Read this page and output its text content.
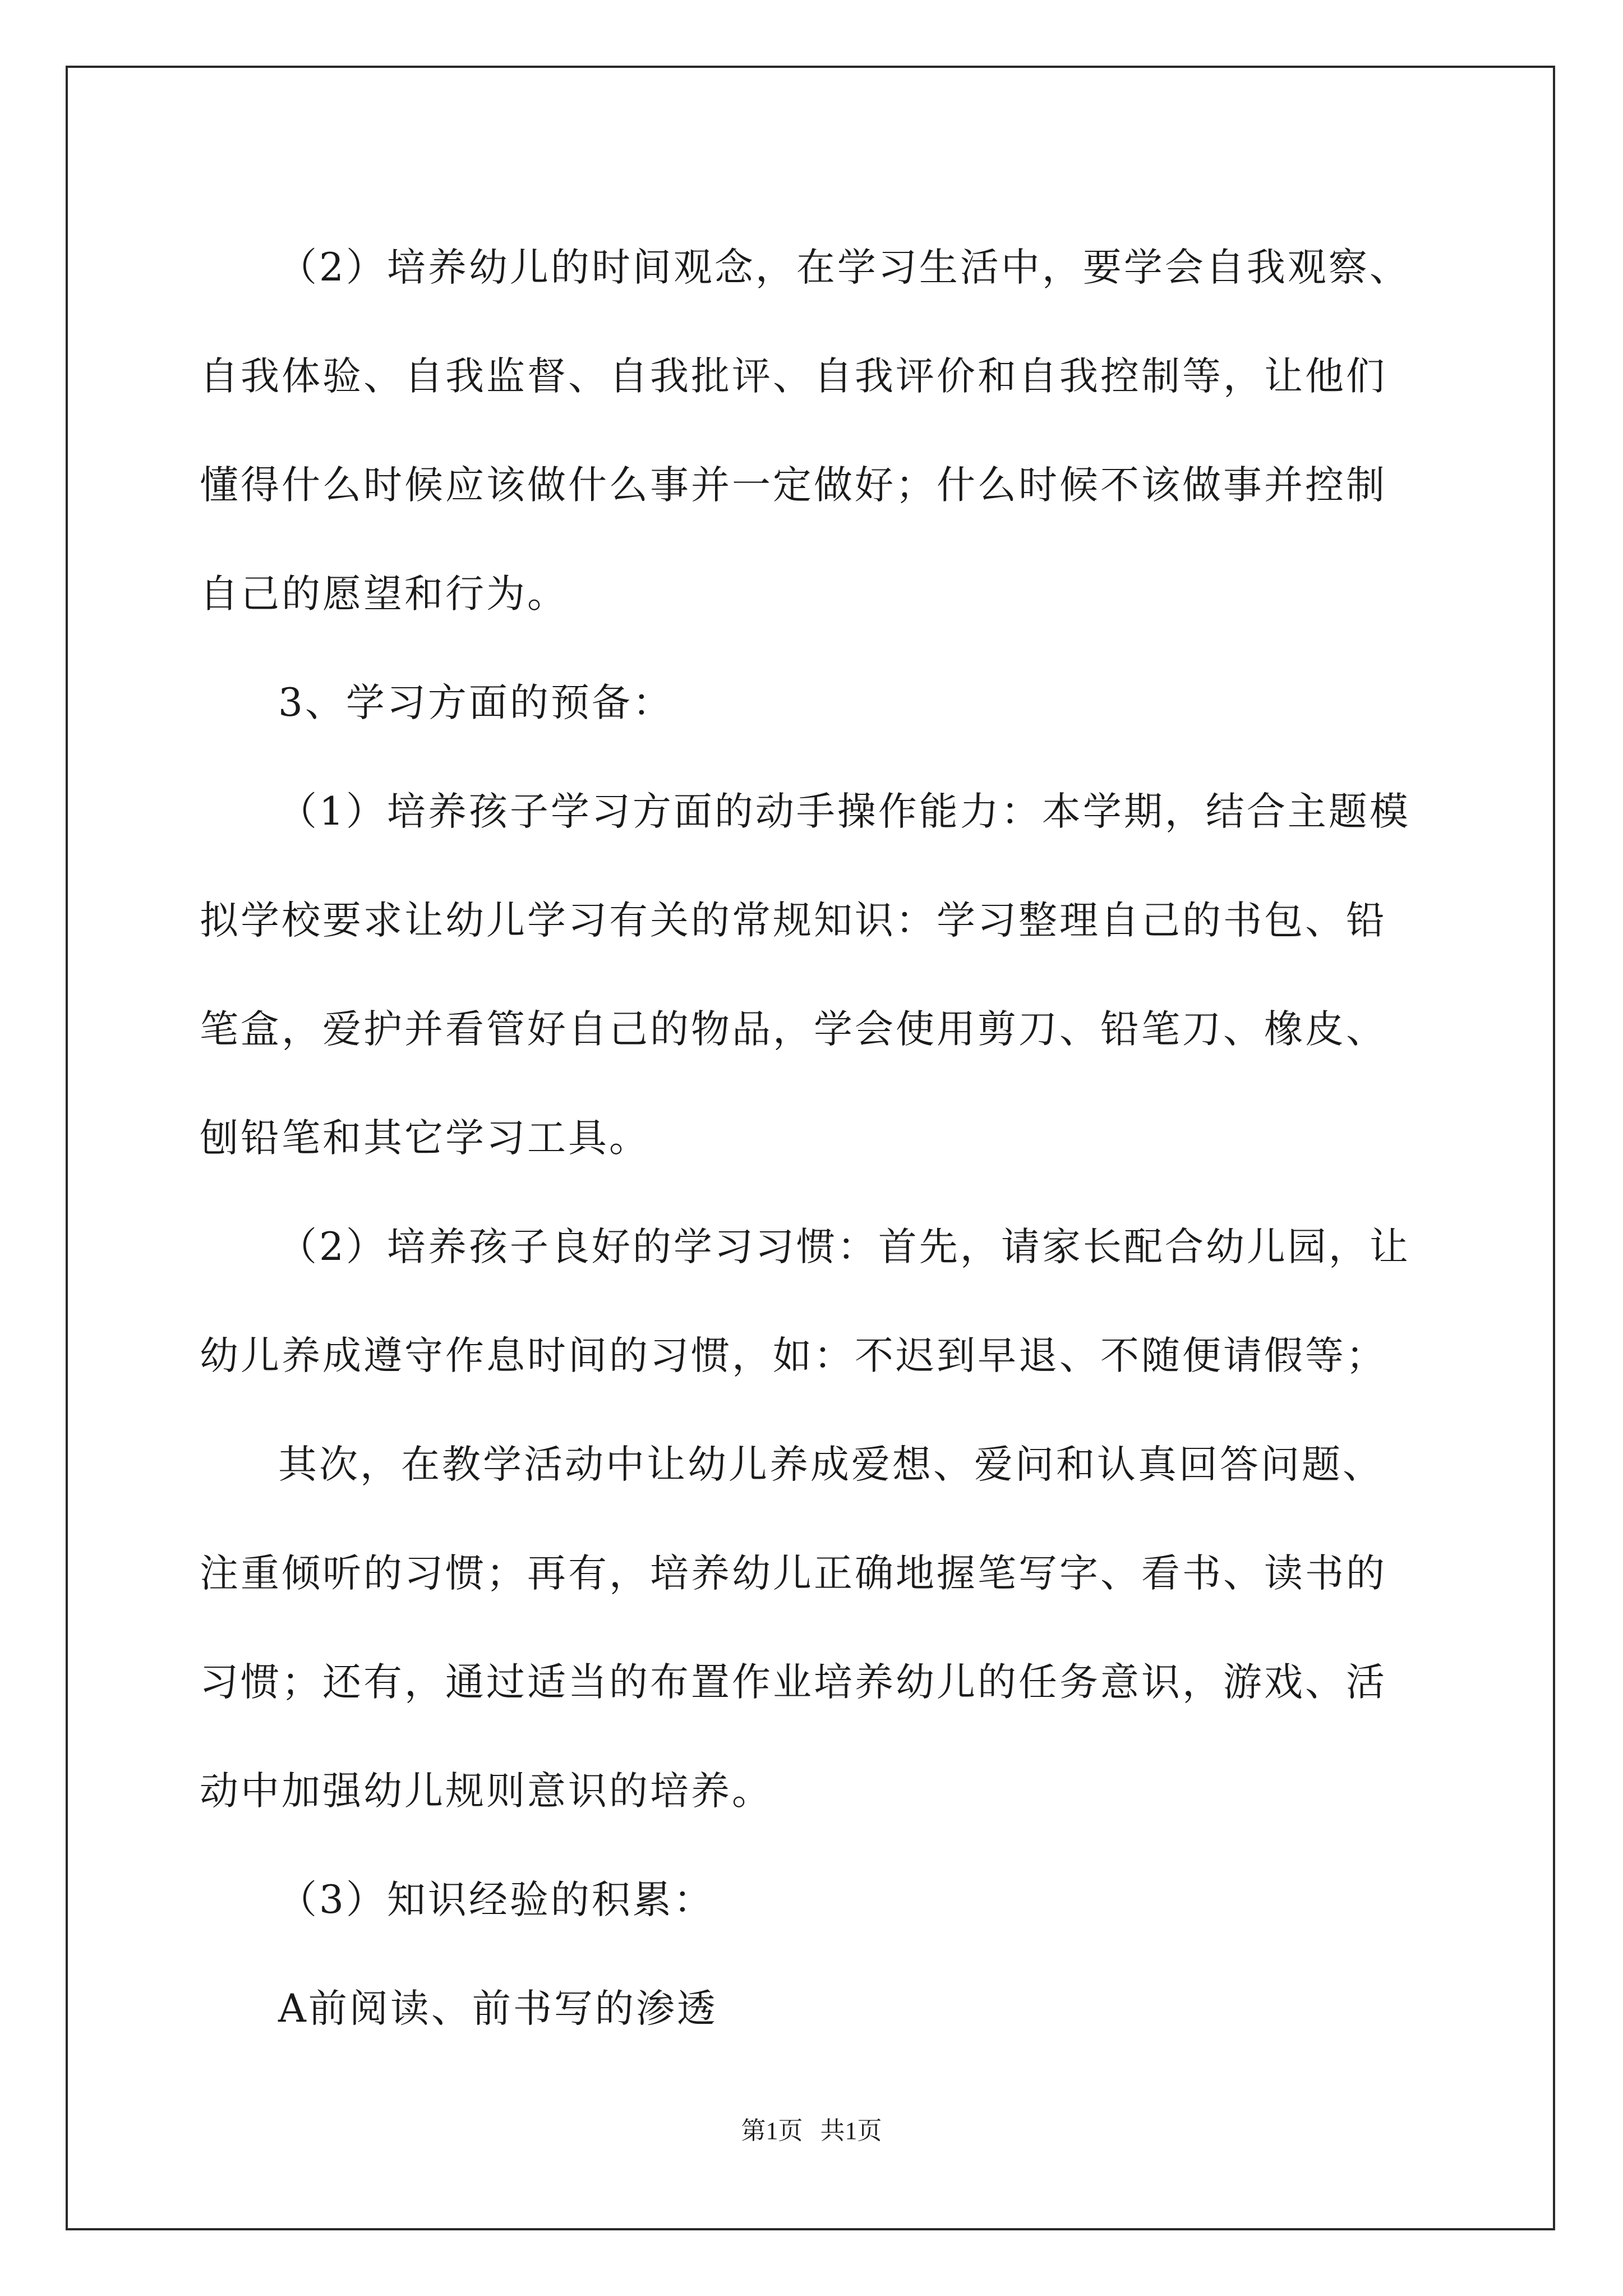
（2）培养幼儿的时间观念，在学习生活中，要学会自我观察、自我体验、自我监督、自我批评、自我评价和自我控制等，让他们懂得什么时候应该做什么事并一定做好；什么时候不该做事并控制自己的愿望和行为。

3、学习方面的预备：

（1）培养孩子学习方面的动手操作能力：本学期，结合主题模拟学校要求让幼儿学习有关的常规知识：学习整理自己的书包、铅笔盒，爱护并看管好自己的物品，学会使用剪刀、铅笔刀、橡皮、刨铅笔和其它学习工具。

（2）培养孩子良好的学习习惯：首先，请家长配合幼儿园，让幼儿养成遵守作息时间的习惯，如：不迟到早退、不随便请假等；

其次，在教学活动中让幼儿养成爱想、爱问和认真回答问题、注重倾听的习惯；再有，培养幼儿正确地握笔写字、看书、读书的习惯；还有，通过适当的布置作业培养幼儿的任务意识，游戏、活动中加强幼儿规则意识的培养。

（3）知识经验的积累：

A前阅读、前书写的渗透

第1页 共1页
